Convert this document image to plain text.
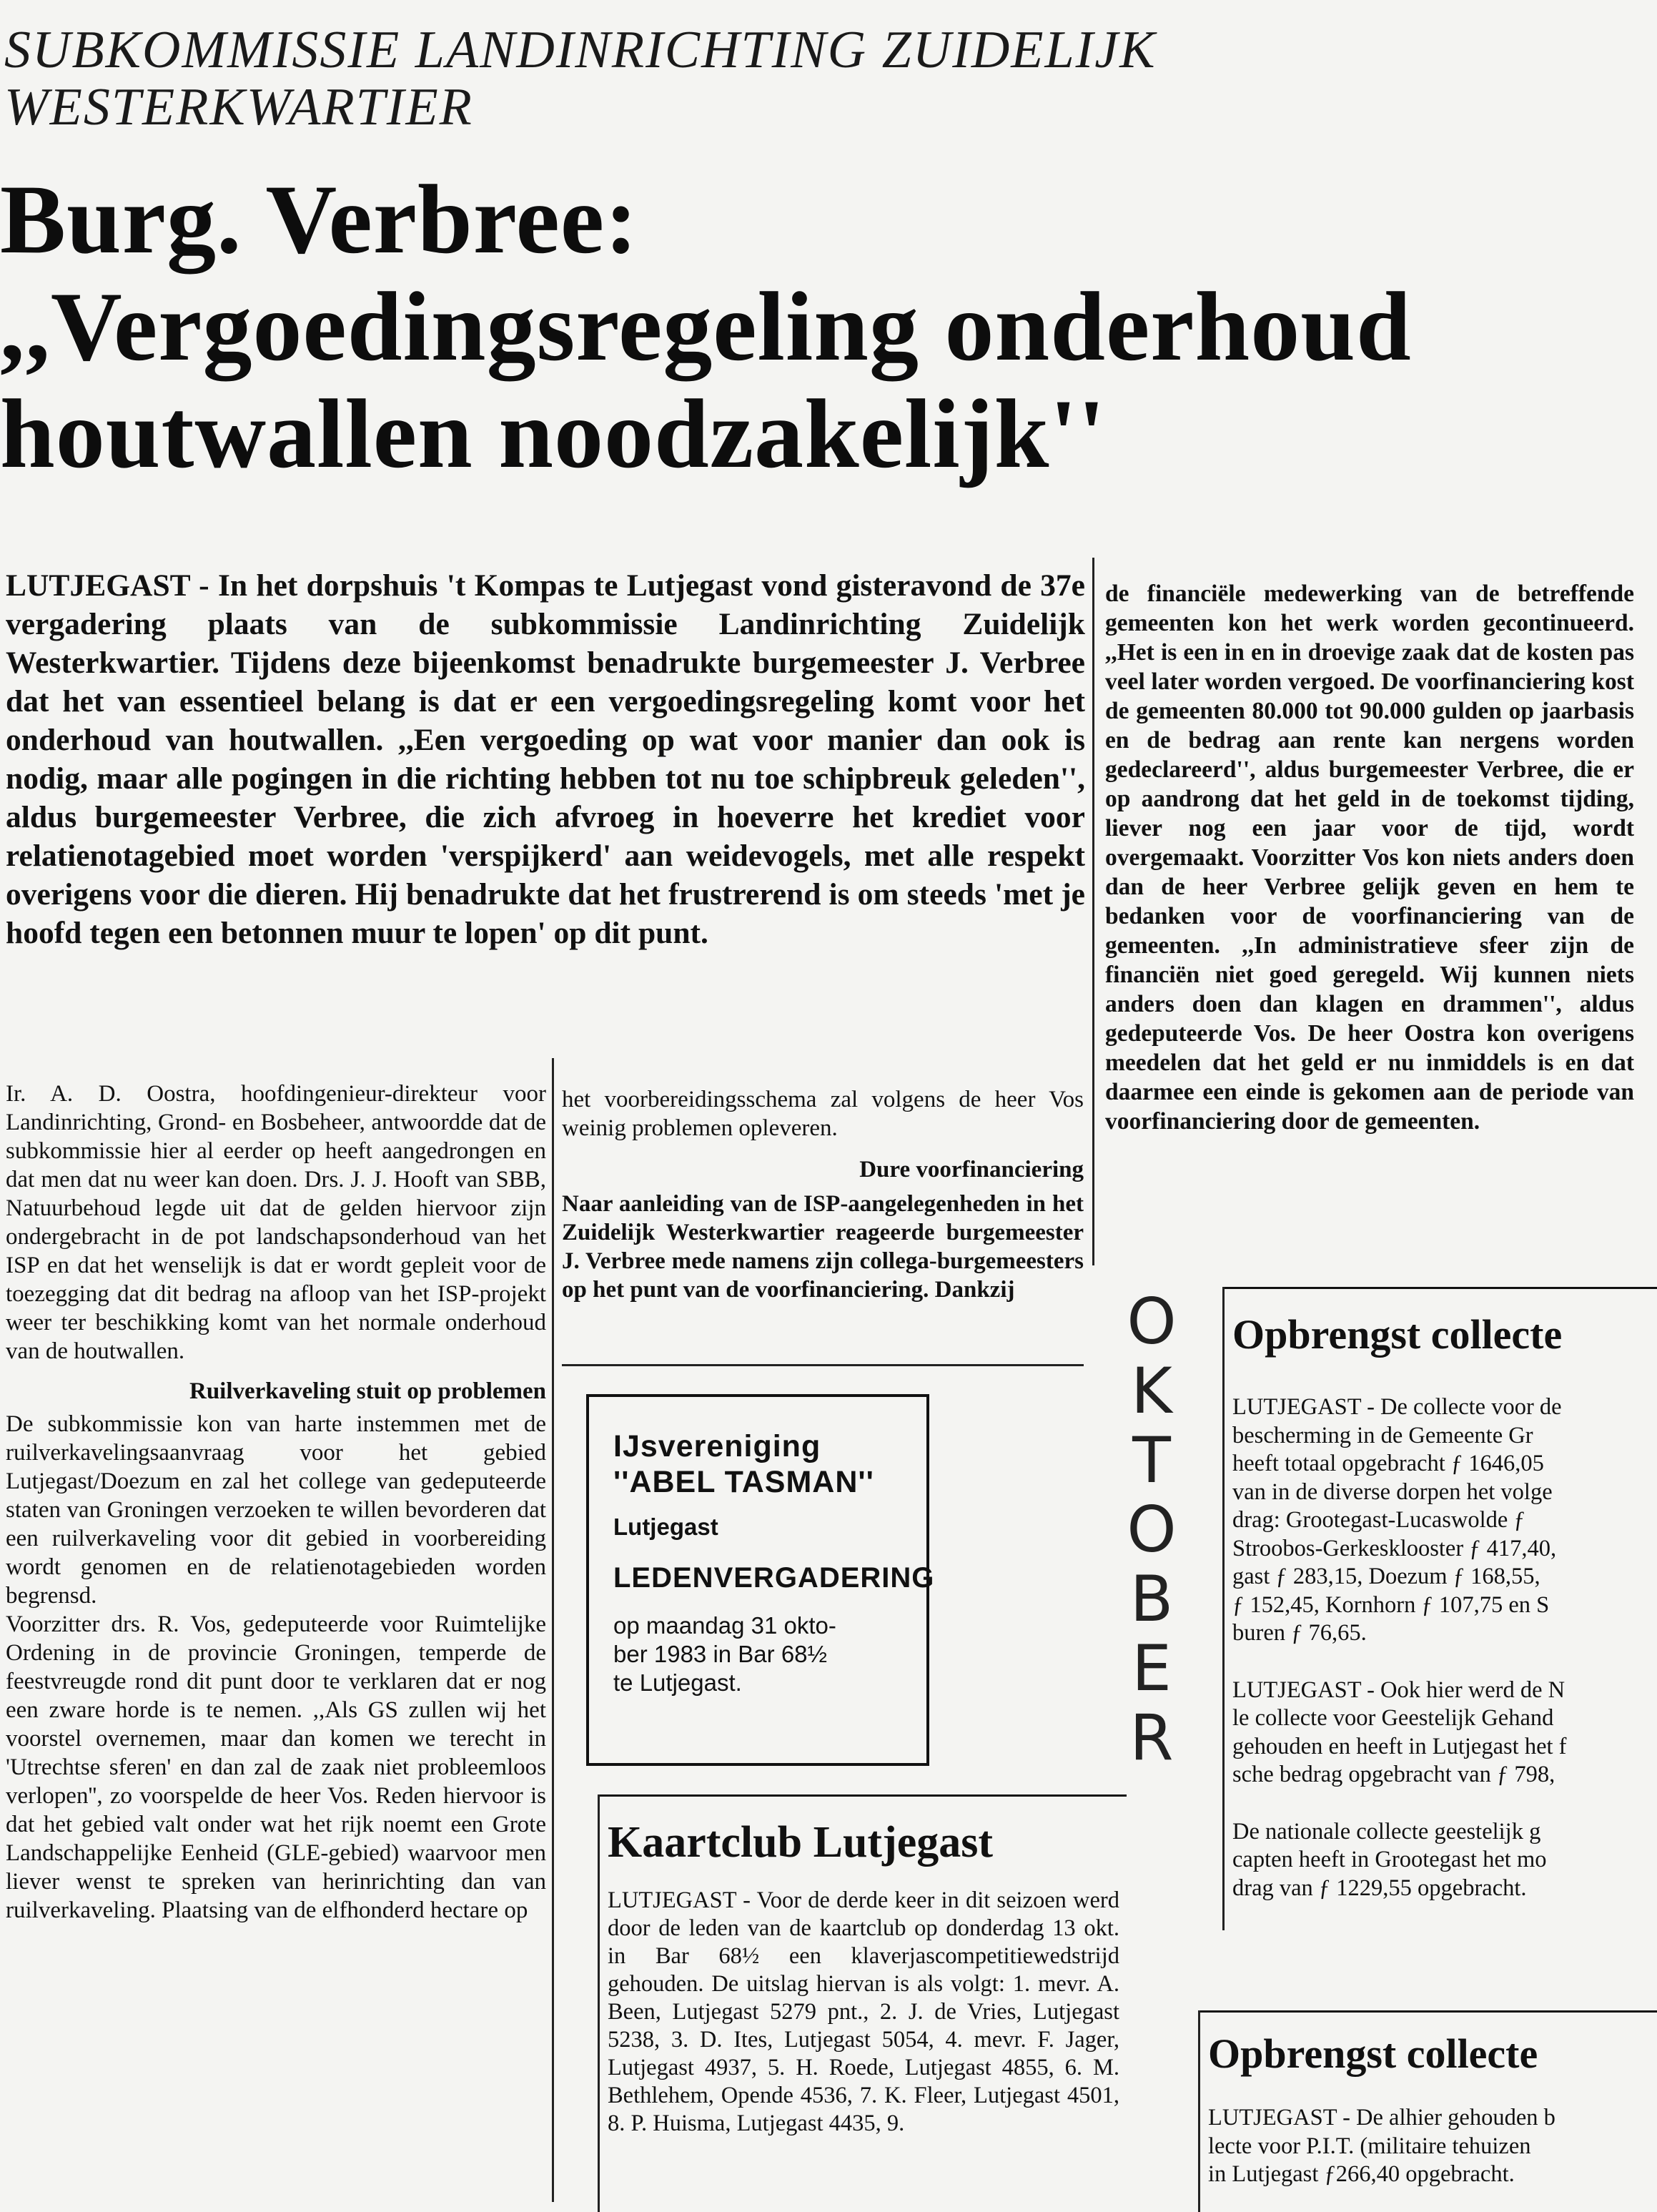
SUBKOMMISSIE LANDINRICHTING ZUIDELIJK
WESTERKWARTIER
Burg. Verbree:
,,Vergoedingsregeling onderhoud
houtwallen noodzakelijk''
LUTJEGAST - In het dorpshuis 't Kompas te Lutjegast vond gisteravond de 37e vergadering plaats van de subkommissie Landinrichting Zuidelijk Westerkwartier. Tijdens deze bijeenkomst benadrukte burgemeester J. Verbree dat het van essentieel belang is dat er een vergoedingsregeling komt voor het onderhoud van houtwallen. ,,Een vergoeding op wat voor manier dan ook is nodig, maar alle pogingen in die richting hebben tot nu toe schipbreuk geleden'', aldus burgemeester Verbree, die zich afvroeg in hoeverre het krediet voor relatienotagebied moet worden 'verspijkerd' aan weidevogels, met alle respekt overigens voor die dieren. Hij benadrukte dat het frustrerend is om steeds 'met je hoofd tegen een betonnen muur te lopen' op dit punt.

Ir. A. D. Oostra, hoofdingenieur-direkteur voor Landinrichting, Grond- en Bosbeheer, antwoordde dat de subkommissie hier al eerder op heeft aangedrongen en dat men dat nu weer kan doen. Drs. J. J. Hooft van SBB, Natuurbehoud legde uit dat de gelden hiervoor zijn ondergebracht in de pot landschapsonderhoud van het ISP en dat het wenselijk is dat er wordt gepleit voor de toezegging dat dit bedrag na afloop van het ISP-projekt weer ter beschikking komt van het normale onderhoud van de houtwallen.

Ruilverkaveling stuit op problemen

De subkommissie kon van harte instemmen met de ruilverkavelingsaanvraag voor het gebied Lutjegast/Doezum en zal het college van gedeputeerde staten van Groningen verzoeken te willen bevorderen dat een ruilverkaveling voor dit gebied in voorbereiding wordt genomen en de relatienotagebieden worden begrensd.

Voorzitter drs. R. Vos, gedeputeerde voor Ruimtelijke Ordening in de provincie Groningen, temperde de feestvreugde rond dit punt door te verklaren dat er nog een zware horde is te nemen. ,,Als GS zullen wij het voorstel overnemen, maar dan komen we terecht in 'Utrechtse sferen' en dan zal de zaak niet probleemloos verlopen'', zo voorspelde de heer Vos. Reden hiervoor is dat het gebied valt onder wat het rijk noemt een Grote Landschappelijke Eenheid (GLE-gebied) waarvoor men liever wenst te spreken van herinrichting dan van ruilverkaveling. Plaatsing van de elfhonderd hectare op

het voorbereidingsschema zal volgens de heer Vos weinig problemen opleveren.

Dure voorfinanciering

Naar aanleiding van de ISP-aangelegenheden in het Zuidelijk Westerkwartier reageerde burgemeester J. Verbree mede namens zijn collega-burgemeesters op het punt van de voorfinanciering. Dankzij

de financiële medewerking van de betreffende gemeenten kon het werk worden gecontinueerd. ,,Het is een in en in droevige zaak dat de kosten pas veel later worden vergoed. De voorfinanciering kost de gemeenten 80.000 tot 90.000 gulden op jaarbasis en de bedrag aan rente kan nergens worden gedeclareerd'', aldus burgemeester Verbree, die er op aandrong dat het geld in de toekomst tijding, liever nog een jaar voor de tijd, wordt overgemaakt. Voorzitter Vos kon niets anders doen dan de heer Verbree gelijk geven en hem te bedanken voor de voorfinanciering van de gemeenten. ,,In administratieve sfeer zijn de financiën niet goed geregeld. Wij kunnen niets anders doen dan klagen en drammen'', aldus gedeputeerde Vos. De heer Oostra kon overigens meedelen dat het geld er nu inmiddels is en dat daarmee een einde is gekomen aan de periode van voorfinanciering door de gemeenten.
IJsvereniging
''ABEL TASMAN''
Lutjegast
LEDENVERGADERING
op maandag 31 okto-
ber 1983 in Bar 68½
te Lutjegast.
O
K
T
O
B
E
R
Kaartclub Lutjegast
LUTJEGAST - Voor de derde keer in dit seizoen werd door de leden van de kaartclub op donderdag 13 okt. in Bar 68½ een klaverjascompetitiewedstrijd gehouden. De uitslag hiervan is als volgt: 1. mevr. A. Been, Lutjegast 5279 pnt., 2. J. de Vries, Lutjegast 5238, 3. D. Ites, Lutjegast 5054, 4. mevr. F. Jager, Lutjegast 4937, 5. H. Roede, Lutjegast 4855, 6. M. Bethlehem, Opende 4536, 7. K. Fleer, Lutjegast 4501, 8. P. Huisma, Lutjegast 4435, 9.
Opbrengst collecte
LUTJEGAST - De collecte voor de
bescherming in de Gemeente Gr
heeft totaal opgebracht ƒ 1646,05
van in de diverse dorpen het volge
drag: Grootegast-Lucaswolde ƒ
Stroobos-Gerkesklooster ƒ 417,40,
gast ƒ 283,15, Doezum ƒ 168,55,
ƒ 152,45, Kornhorn ƒ 107,75 en S
buren ƒ 76,65.
LUTJEGAST - Ook hier werd de N
le collecte voor Geestelijk Gehand
gehouden en heeft in Lutjegast het f
sche bedrag opgebracht van ƒ 798,
De nationale collecte geestelijk g
capten heeft in Grootegast het mo
drag van ƒ 1229,55 opgebracht.
Opbrengst collecte
LUTJEGAST - De alhier gehouden b
lecte voor P.I.T. (militaire tehuizen
in Lutjegast ƒ266,40 opgebracht.
